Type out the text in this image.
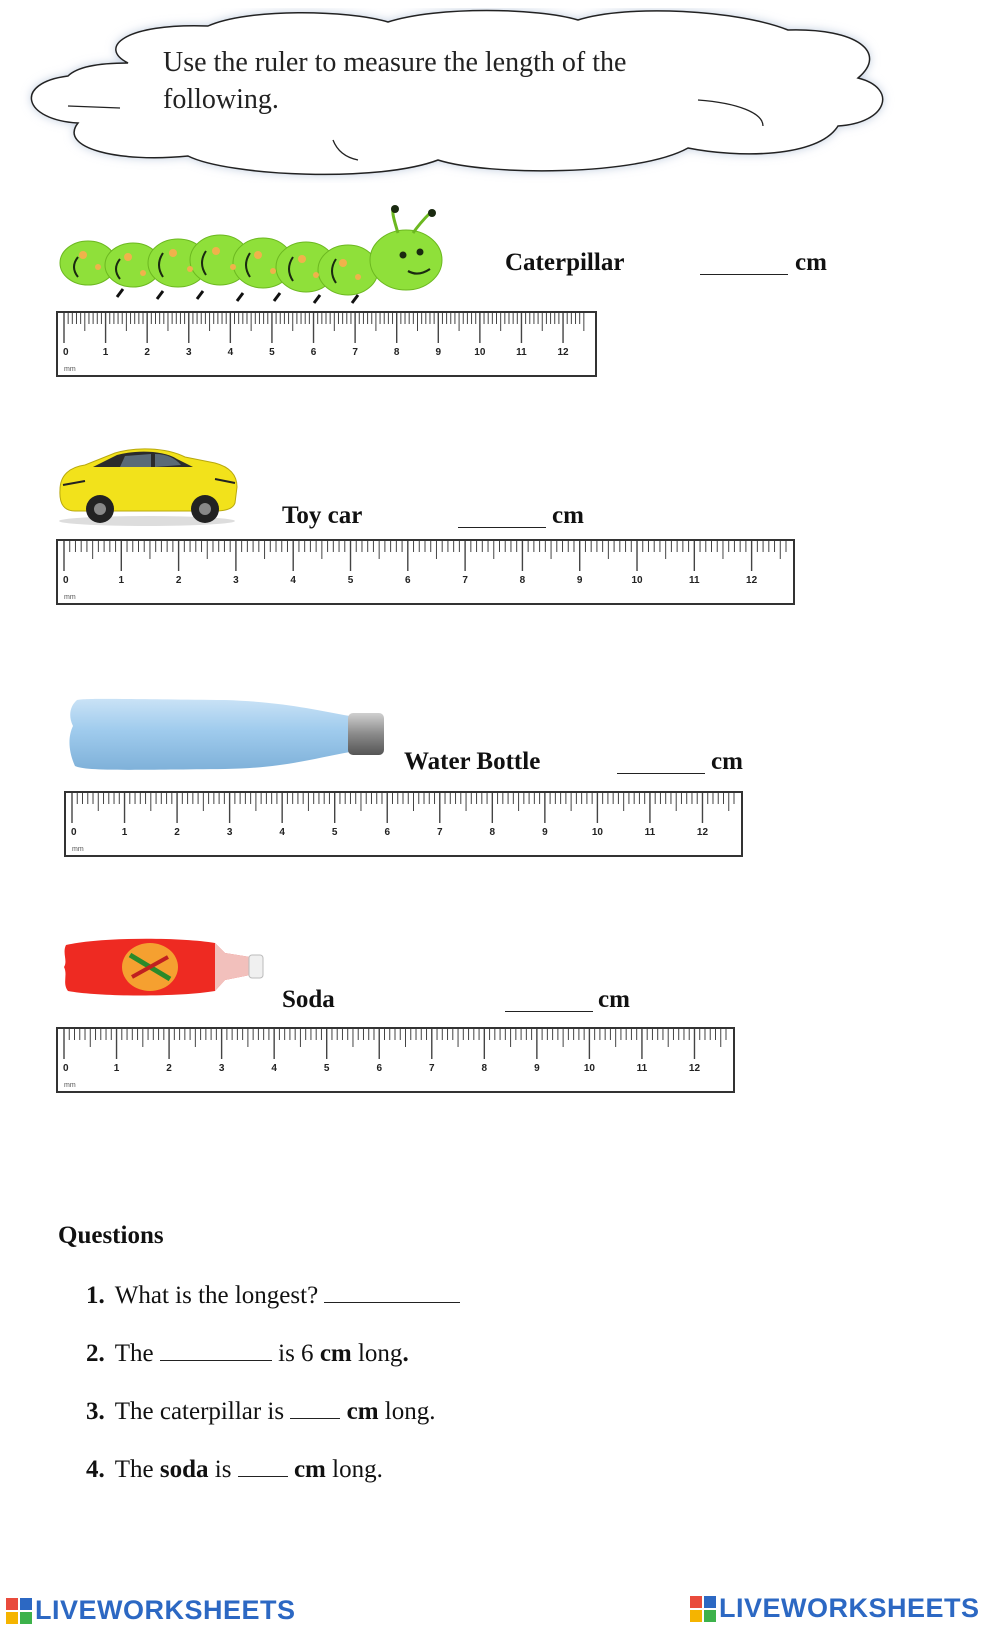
Use the ruler to measure the length of the following.
Caterpillar	cm
0	1	2	3	4	5	6	7	8	9	10	11	12
mm
Toy car	cm
0	1	2	3	4	5	6	7	8	9	10	11	12
mm
Water Bottle	cm
0	1	2	3	4	5	6	7	8	9	10	11	12
mm
Soda	cm
0	1	2	3	4	5	6	7	8	9	10	11	12
mm
Questions
1. What is the longest?
2. The	is 6 cm long.
3. The caterpillar is	cm long.
4. The soda is	cm long.
LIVEWORKSHEETS	LIVEWORKSHEETS
